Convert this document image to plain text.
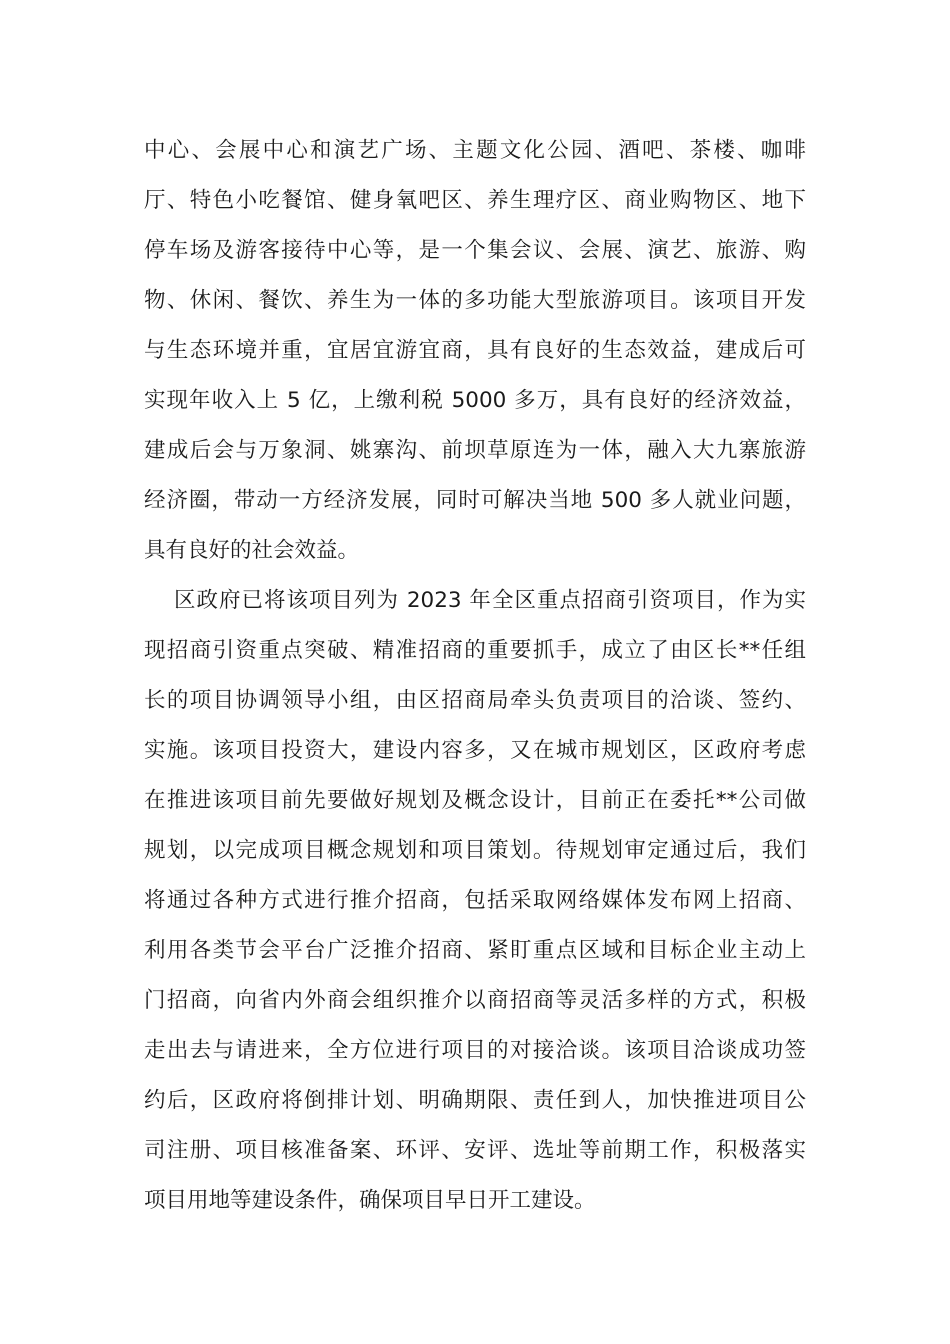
中心、会展中心和演艺广场、主题文化公园、酒吧、茶楼、咖啡
厅、特色小吃餐馆、健身氧吧区、养生理疗区、商业购物区、地下
停车场及游客接待中心等，是一个集会议、会展、演艺、旅游、购
物、休闲、餐饮、养生为一体的多功能大型旅游项目。该项目开发
与生态环境并重，宜居宜游宜商，具有良好的生态效益，建成后可
实现年收入上 5 亿，上缴利税 5000 多万，具有良好的经济效益，
建成后会与万象洞、姚寨沟、前坝草原连为一体，融入大九寨旅游
经济圈，带动一方经济发展，同时可解决当地 500 多人就业问题，
具有良好的社会效益。
区政府已将该项目列为 2023 年全区重点招商引资项目，作为实
现招商引资重点突破、精准招商的重要抓手，成立了由区长**任组
长的项目协调领导小组，由区招商局牵头负责项目的洽谈、签约、
实施。该项目投资大，建设内容多，又在城市规划区，区政府考虑
在推进该项目前先要做好规划及概念设计，目前正在委托**公司做
规划，以完成项目概念规划和项目策划。待规划审定通过后，我们
将通过各种方式进行推介招商，包括采取网络媒体发布网上招商、
利用各类节会平台广泛推介招商、紧盯重点区域和目标企业主动上
门招商，向省内外商会组织推介以商招商等灵活多样的方式，积极
走出去与请进来，全方位进行项目的对接洽谈。该项目洽谈成功签
约后，区政府将倒排计划、明确期限、责任到人，加快推进项目公
司注册、项目核准备案、环评、安评、选址等前期工作，积极落实
项目用地等建设条件，确保项目早日开工建设。
